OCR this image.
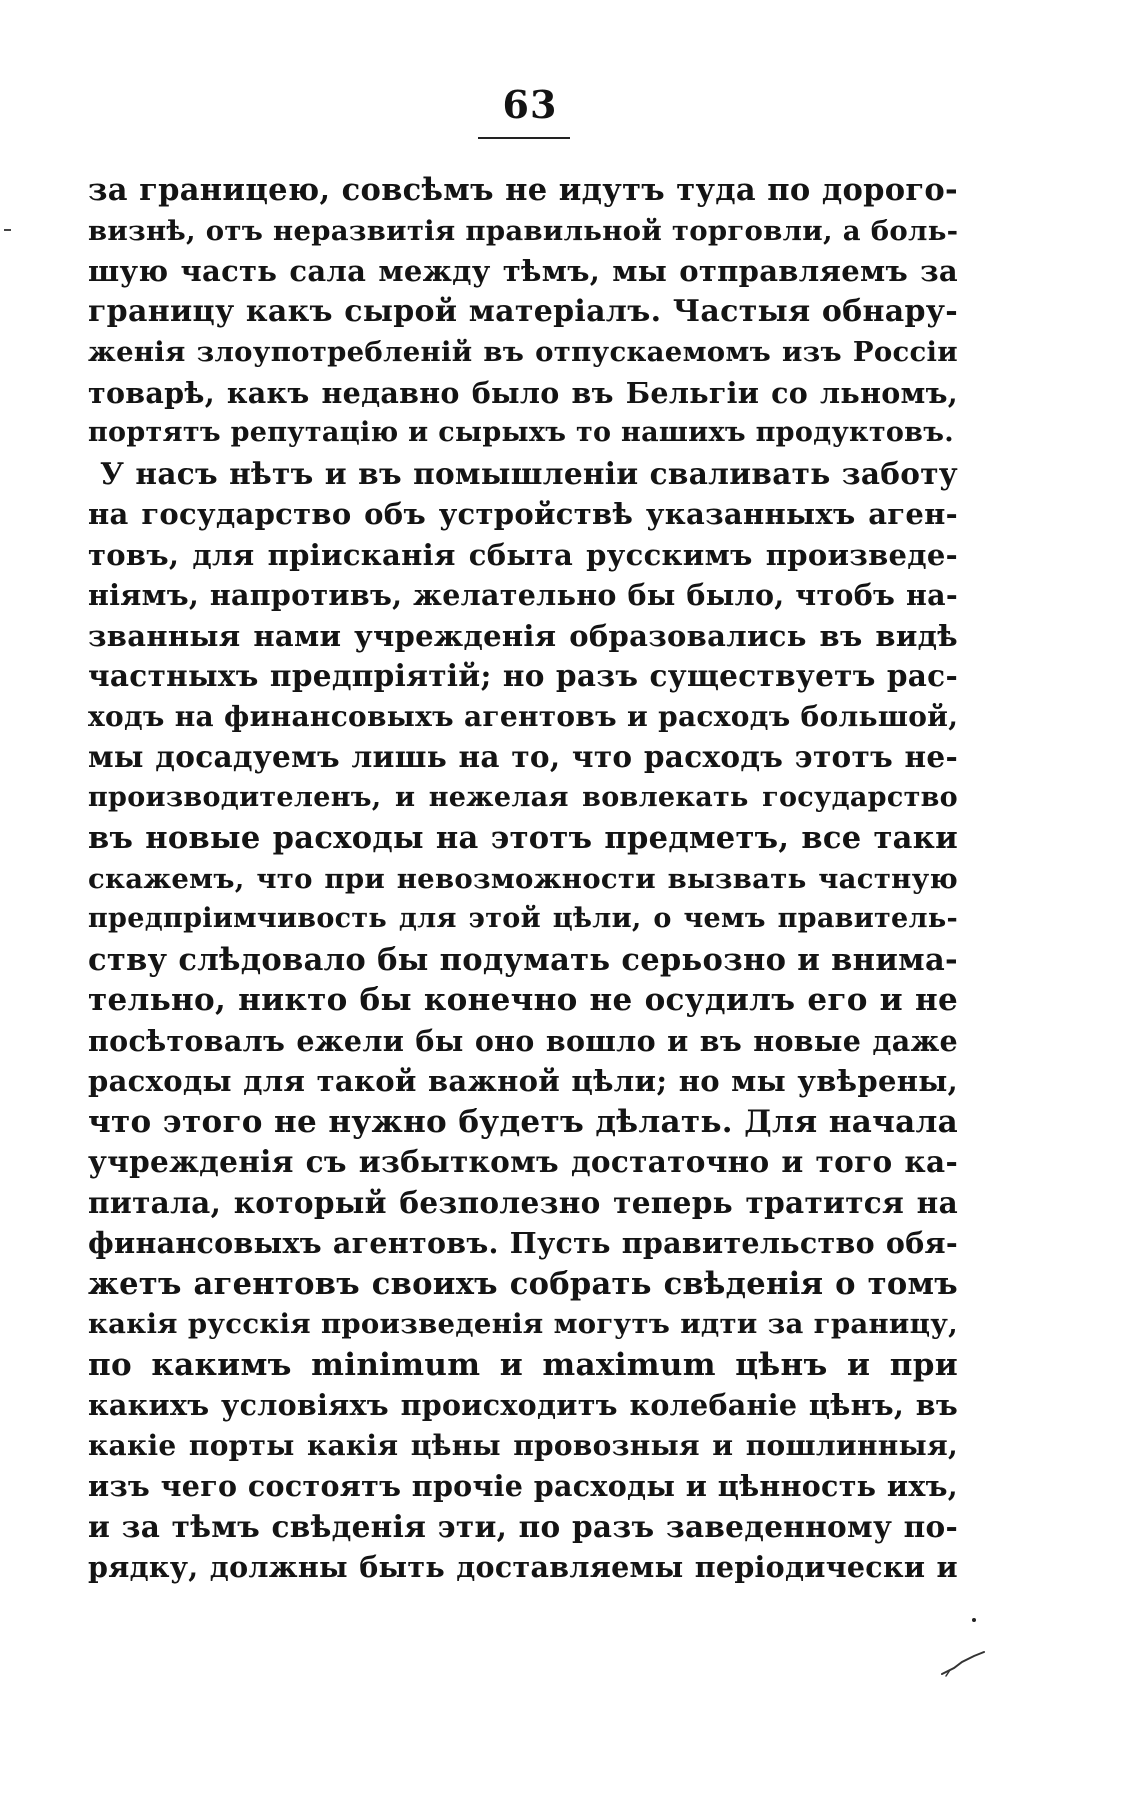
63
за границею, совсѣмъ не идутъ туда по дорого-
визнѣ, отъ неразвитія правильной торговли, а боль-
шую часть сала между тѣмъ, мы отправляемъ за
границу какъ сырой матеріалъ. Частыя обнару-
женія злоупотребленій въ отпускаемомъ изъ Россіи
товарѣ, какъ недавно было въ Бельгіи со льномъ,
портятъ репутацію и сырыхъ то нашихъ продуктовъ.
У насъ нѣтъ и въ помышленіи сваливать заботу
на государство объ устройствѣ указанныхъ аген-
товъ, для прiисканія сбыта русскимъ произведе-
ніямъ, напротивъ, желательно бы было, чтобъ на-
званныя нами учрежденія образовались въ видѣ
частныхъ предпріятій; но разъ существуетъ рас-
ходъ на финансовыхъ агентовъ и расходъ большой,
мы досадуемъ лишь на то, что расходъ этотъ не-
производителенъ, и нежелая вовлекать государство
въ новые расходы на этотъ предметъ, все таки
скажемъ, что при невозможности вызвать частную
предпріимчивость для этой цѣли, о чемъ правитель-
ству слѣдовало бы подумать серьозно и внима-
тельно, никто бы конечно не осудилъ его и не
посѣтовалъ ежели бы оно вошло и въ новые даже
расходы для такой важной цѣли; но мы увѣрены,
что этого не нужно будетъ дѣлать. Для начала
учрежденія съ избыткомъ достаточно и того ка-
питала, который безполезно теперь тратится на
финансовыхъ агентовъ. Пусть правительство обя-
жетъ агентовъ своихъ собрать свѣденія о томъ
какія русскія произведенія могутъ идти за границу,
по какимъ minimum и maximum цѣнъ и при
какихъ условіяхъ происходитъ колебаніе цѣнъ, въ
какіе порты какія цѣны провозныя и пошлинныя,
изъ чего состоятъ прочіе расходы и цѣнность ихъ,
и за тѣмъ свѣденія эти, по разъ заведенному по-
рядку, должны быть доставляемы періодически и
